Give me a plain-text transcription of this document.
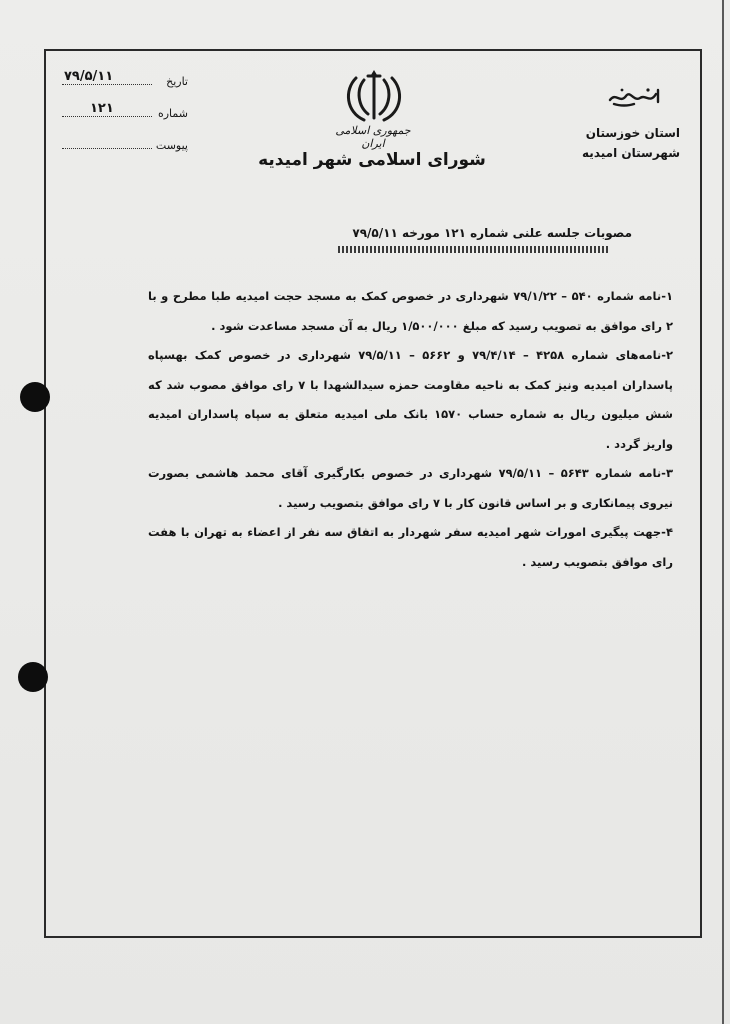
تاریخ
۷۹/۵/۱۱
شماره
۱۲۱
پیوست
جمهوری اسلامی ایران
شورای اسلامی شهر امیدیه
استان خوزستان
شهرستان امیدیه
مصوبات جلسه علنی شماره ۱۲۱ مورخه ۷۹/۵/۱۱

۱-نامه شماره ۵۴۰ – ۷۹/۱/۲۲ شهرداری در خصوص کمک به مسجد حجت امیدیه طبا مطرح و با ۲ رای موافق به تصویب رسید که مبلغ ۱/۵۰۰/۰۰۰ ریال به آن مسجد مساعدت شود .

۲-نامه‌های شماره ۴۲۵۸ – ۷۹/۴/۱۴ و ۵۶۶۲ – ۷۹/۵/۱۱ شهرداری در خصوص کمک بهسپاه پاسداران امیدیه ونیز کمک به ناحیه مقاومت حمزه سیدالشهدا با ۷ رای موافق مصوب شد که شش میلیون ریال به شماره حساب ۱۵۷۰ بانک ملی امیدیه متعلق به سپاه پاسداران امیدیه واریز گردد .

۳-نامه شماره ۵۶۴۳ – ۷۹/۵/۱۱ شهرداری در خصوص بکارگیری آقای محمد هاشمی بصورت نیروی پیمانکاری و بر اساس قانون کار با ۷ رای موافق بتصویب رسید .

۴-جهت پیگیری امورات شهر امیدیه سفر شهردار به اتفاق سه نفر از اعضاء به تهران با هفت رای موافق بتصویب رسید .
